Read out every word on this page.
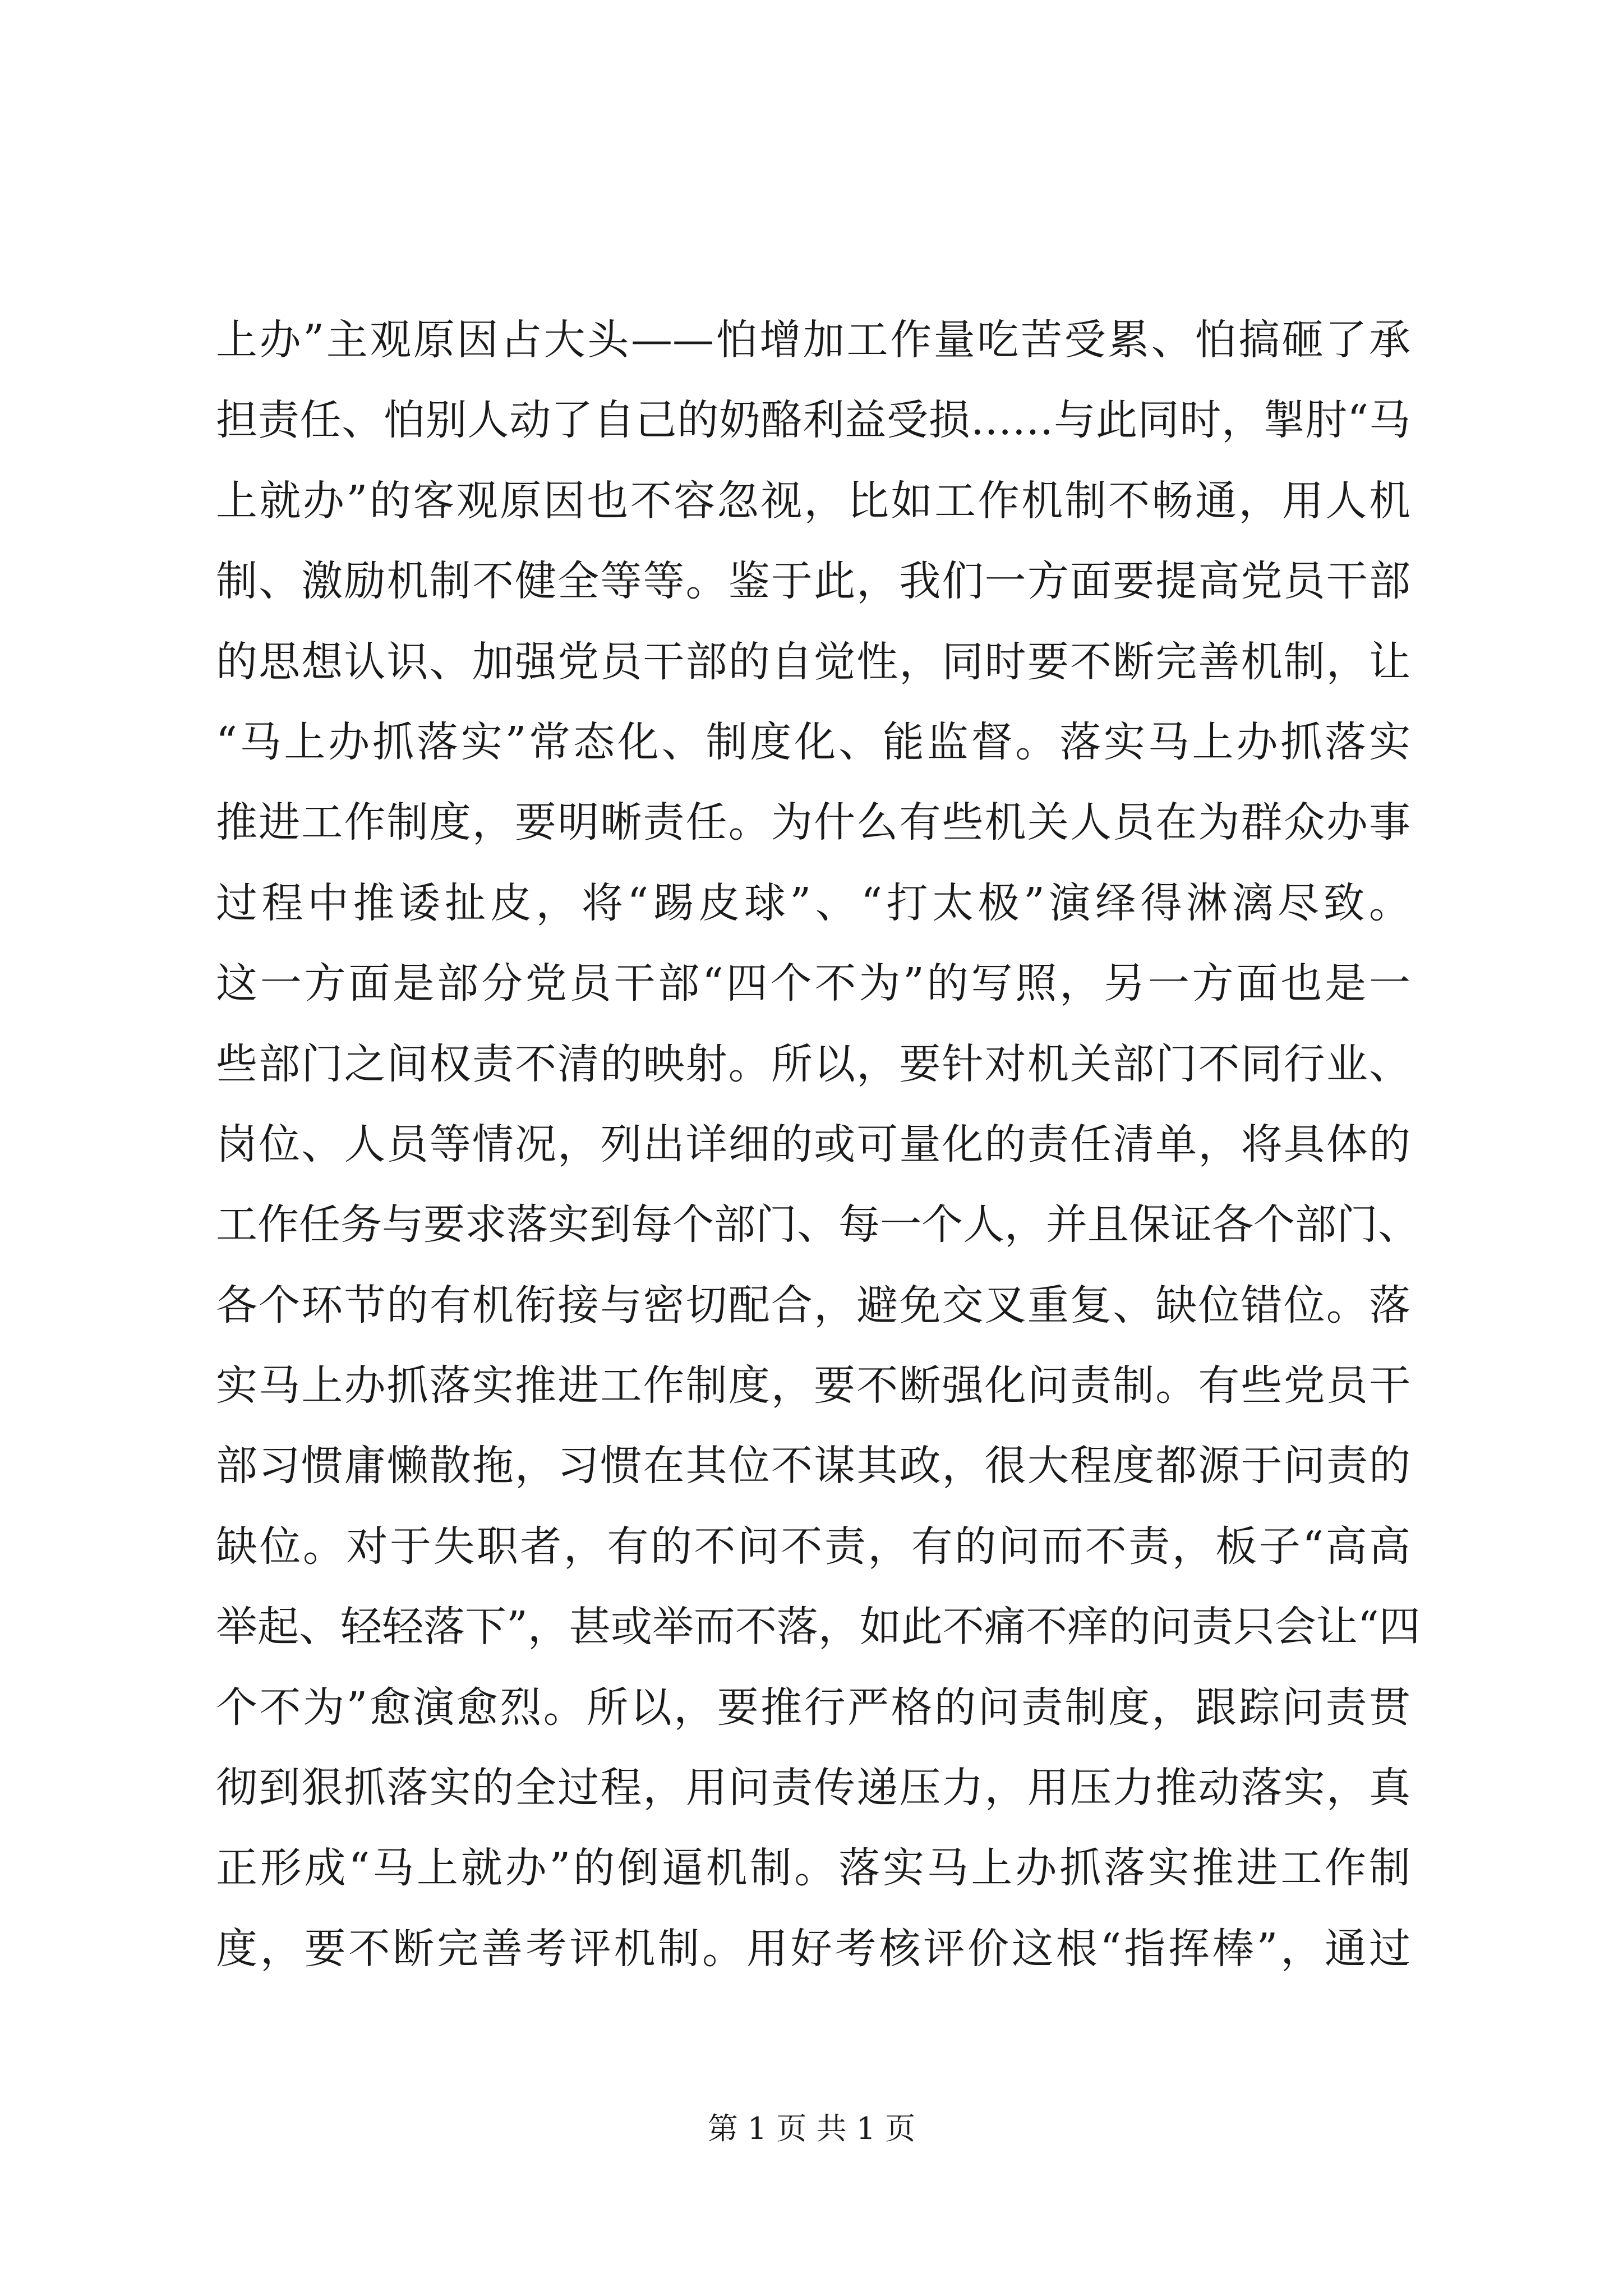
上办”主观原因占大头——怕增加工作量吃苦受累、怕搞砸了承
担责任、怕别人动了自己的奶酪利益受损……与此同时，掣肘“马
上就办”的客观原因也不容忽视，比如工作机制不畅通，用人机
制、激励机制不健全等等。鉴于此，我们一方面要提高党员干部
的思想认识、加强党员干部的自觉性，同时要不断完善机制，让
“马上办抓落实”常态化、制度化、能监督。落实马上办抓落实
推进工作制度，要明晰责任。为什么有些机关人员在为群众办事
过程中推诿扯皮，将“踢皮球”、“打太极”演绎得淋漓尽致。
这一方面是部分党员干部“四个不为”的写照，另一方面也是一
些部门之间权责不清的映射。所以，要针对机关部门不同行业、
岗位、人员等情况，列出详细的或可量化的责任清单，将具体的
工作任务与要求落实到每个部门、每一个人，并且保证各个部门、
各个环节的有机衔接与密切配合，避免交叉重复、缺位错位。落
实马上办抓落实推进工作制度，要不断强化问责制。有些党员干
部习惯庸懒散拖，习惯在其位不谋其政，很大程度都源于问责的
缺位。对于失职者，有的不问不责，有的问而不责，板子“高高
举起、轻轻落下”，甚或举而不落，如此不痛不痒的问责只会让“四
个不为”愈演愈烈。所以，要推行严格的问责制度，跟踪问责贯
彻到狠抓落实的全过程，用问责传递压力，用压力推动落实，真
正形成“马上就办”的倒逼机制。落实马上办抓落实推进工作制
度，要不断完善考评机制。用好考核评价这根“指挥棒”，通过
第 1 页 共 1 页
